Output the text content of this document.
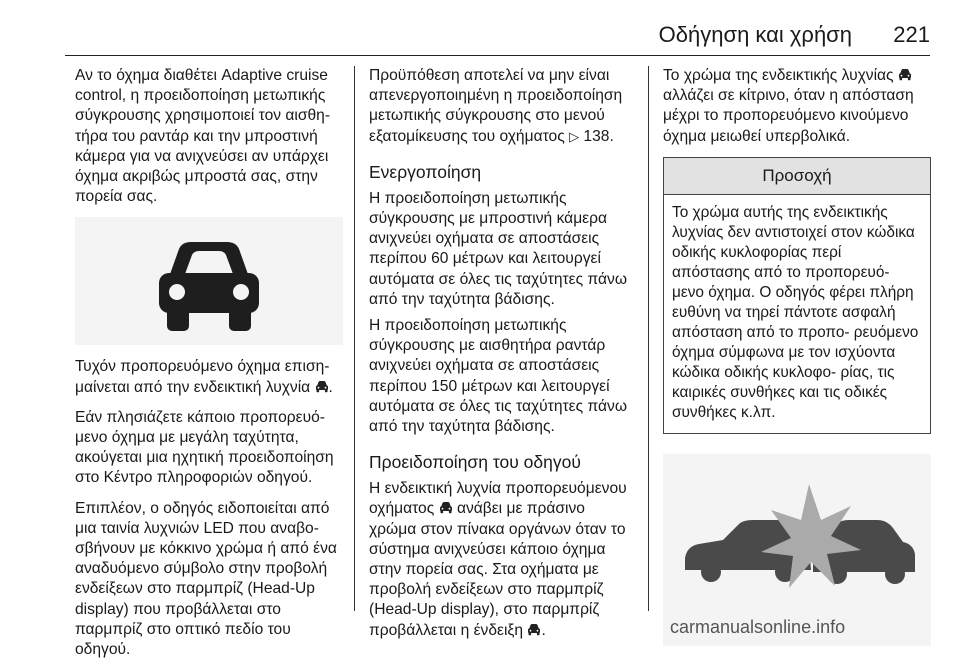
Οδήγηση και χρήση 221

Αν το όχημα διαθέτει Adaptive cruise control, η προειδοποίηση μετωπικής σύγκρουσης χρησιμοποιεί τον αισθη- τήρα του ραντάρ και την μπροστινή κάμερα για να ανιχνεύσει αν υπάρχει όχημα ακριβώς μπροστά σας, στην πορεία σας.

Τυχόν προπορευόμενο όχημα επιση- μαίνεται από την ενδεικτική λυχνία .

Εάν πλησιάζετε κάποιο προπορευό- μενο όχημα με μεγάλη ταχύτητα, ακούγεται μια ηχητική προειδοποίηση στο Κέντρο πληροφοριών οδηγού.

Επιπλέον, ο οδηγός ειδοποιείται από μια ταινία λυχνιών LED που αναβο- σβήνουν με κόκκινο χρώμα ή από ένα αναδυόμενο σύμβολο στην προβολή ενδείξεων στο παρμπρίζ (Head-Up display) που προβάλλεται στο παρμπρίζ στο οπτικό πεδίο του οδηγού.

Προϋπόθεση αποτελεί να μην είναι απενεργοποιημένη η προειδοποίηση μετωπικής σύγκρουσης στο μενού εξατομίκευσης του οχήματος ▷ 138.

Ενεργοποίηση

Η προειδοποίηση μετωπικής σύγκρουσης με μπροστινή κάμερα ανιχνεύει οχήματα σε αποστάσεις περίπου 60 μέτρων και λειτουργεί αυτόματα σε όλες τις ταχύτητες πάνω από την ταχύτητα βάδισης.

Η προειδοποίηση μετωπικής σύγκρουσης με αισθητήρα ραντάρ ανιχνεύει οχήματα σε αποστάσεις περίπου 150 μέτρων και λειτουργεί αυτόματα σε όλες τις ταχύτητες πάνω από την ταχύτητα βάδισης.

Προειδοποίηση του οδηγού

Η ενδεικτική λυχνία προπορευόμενου οχήματος ανάβει με πράσινο χρώμα στον πίνακα οργάνων όταν το σύστημα ανιχνεύσει κάποιο όχημα στην πορεία σας. Στα οχήματα με προβολή ενδείξεων στο παρμπρίζ (Head-Up display), στο παρμπρίζ προβάλλεται η ένδειξη .

Το χρώμα της ενδεικτικής λυχνίας  αλλάζει σε κίτρινο, όταν η απόσταση μέχρι το προπορευόμενο κινούμενο όχημα μειωθεί υπερβολικά.

Προσοχή
Το χρώμα αυτής της ενδεικτικής λυχνίας δεν αντιστοιχεί στον κώδικα οδικής κυκλοφορίας περί απόστασης από το προπορευό- μενο όχημα. Ο οδηγός φέρει πλήρη ευθύνη να τηρεί πάντοτε ασφαλή απόσταση από το προπο- ρευόμενο όχημα σύμφωνα με τον ισχύοντα κώδικα οδικής κυκλοφο- ρίας, τις καιρικές συνθήκες και τις οδικές συνθήκες κ.λπ.
carmanualsonline.info
